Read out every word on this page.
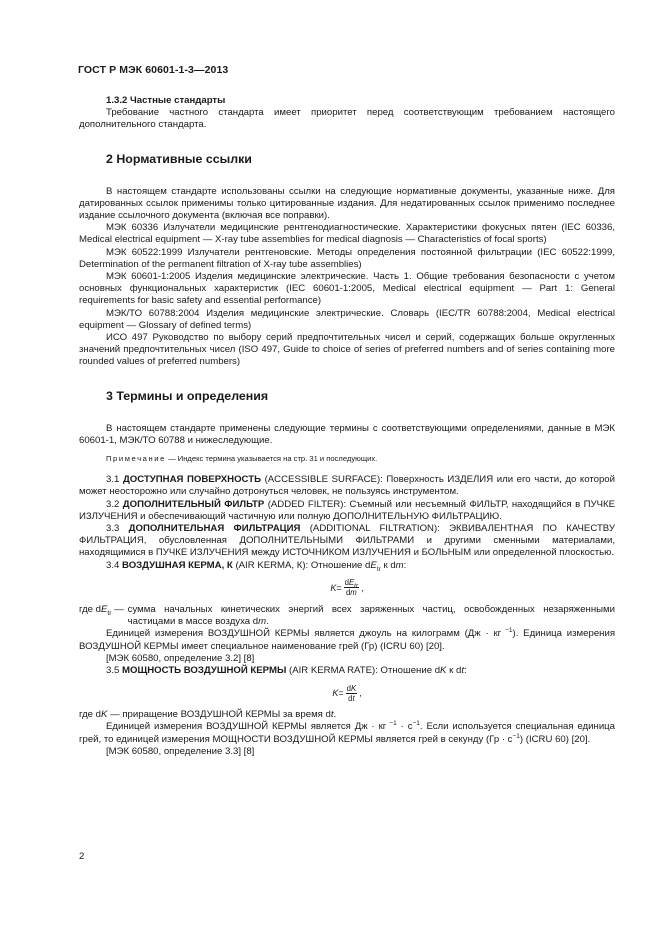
ГОСТ Р МЭК 60601-1-3—2013

1.3.2 Частные стандарты

Требование частного стандарта имеет приоритет перед соответствующим требованием настоящего дополнительного стандарта.

2 Нормативные ссылки

В настоящем стандарте использованы ссылки на следующие нормативные документы, указанные ниже. Для датированных ссылок применимы только цитированные издания. Для недатированных ссылок применимо последнее издание ссылочного документа (включая все поправки).

МЭК 60336 Излучатели медицинские рентгенодиагностические. Характеристики фокусных пятен (IEC 60336, Medical electrical equipment — X-ray tube assemblies for medical diagnosis — Characteristics of focal sports)

МЭК 60522:1999 Излучатели рентгеновские. Методы определения постоянной фильтрации (IEC 60522:1999, Determination of the permanent filtration of X-ray tube assemblies)

МЭК 60601-1:2005 Изделия медицинские электрические. Часть 1. Общие требования безопасности с учетом основных функциональных характеристик (IEC 60601-1:2005, Medical electrical equipment — Part 1: General requirements for basic safety and essential performance)

МЭК/ТО 60788:2004 Изделия медицинские электрические. Словарь (IEC/TR 60788:2004, Medical electrical equipment — Glossary of defined terms)

ИСО 497 Руководство по выбору серий предпочтительных чисел и серий, содержащих больше округленных значений предпочтительных чисел (ISO 497, Guide to choice of series of preferred numbers and of series containing more rounded values of preferred numbers)

3 Термины и определения

В настоящем стандарте применены следующие термины с соответствующими определениями, данные в МЭК 60601-1, МЭК/ТО 60788 и нижеследующие.

Примечание — Индекс термина указывается на стр. 31 и последующих.

3.1 ДОСТУПНАЯ ПОВЕРХНОСТЬ (ACCESSIBLE SURFACE): Поверхность ИЗДЕЛИЯ или его части, до которой может неосторожно или случайно дотронуться человек, не пользуясь инструментом.

3.2 ДОПОЛНИТЕЛЬНЫЙ ФИЛЬТР (ADDED FILTER): Съемный или несъемный ФИЛЬТР, находящийся в ПУЧКЕ ИЗЛУЧЕНИЯ и обеспечивающий частичную или полную ДОПОЛНИТЕЛЬНУЮ ФИЛЬТРАЦИЮ.

3.3 ДОПОЛНИТЕЛЬНАЯ ФИЛЬТРАЦИЯ (ADDITIONAL FILTRATION): ЭКВИВАЛЕНТНАЯ ПО КАЧЕСТВУ ФИЛЬТРАЦИЯ, обусловленная ДОПОЛНИТЕЛЬНЫМИ ФИЛЬТРАМИ и другими сменными материалами, находящимися в ПУЧКЕ ИЗЛУЧЕНИЯ между ИСТОЧНИКОМ ИЗЛУЧЕНИЯ и БОЛЬНЫМ или определенной плоскостью.

3.4 ВОЗДУШНАЯ КЕРМА, К (AIR KERMA, К): Отношение $dE_{tr}$ к dm:

$K = \frac{dE_{tr}}{dm}$ ,
где $dE_{tr}$ — сумма начальных кинетических энергий всех заряженных частиц, освобожденных незаряженными частицами в массе воздуха dm.

Единицей измерения ВОЗДУШНОЙ КЕРМЫ является джоуль на килограмм (Дж · кг $^{-1}$). Единица измерения ВОЗДУШНОЙ КЕРМЫ имеет специальное наименование грей (Гр) (ICRU 60) [20].

[МЭК 60580, определение 3.2] [8]

3.5 МОЩНОСТЬ ВОЗДУШНОЙ КЕРМЫ (AIR KERMA RATE): Отношение dK к dt:

$K = \frac{dK}{dt}$ ,

где dK — приращение ВОЗДУШНОЙ КЕРМЫ за время dt.

Единицей измерения ВОЗДУШНОЙ КЕРМЫ является Дж · кг $^{-1} \cdot с^{-1}$. Если используется специальная единица грей, то единицей измерения МОЩНОСТИ ВОЗДУШНОЙ КЕРМЫ является грей в секунду $(Гр \cdot с^{-1})$ (ICRU 60) [20].

[МЭК 60580, определение 3.3] [8]

2
